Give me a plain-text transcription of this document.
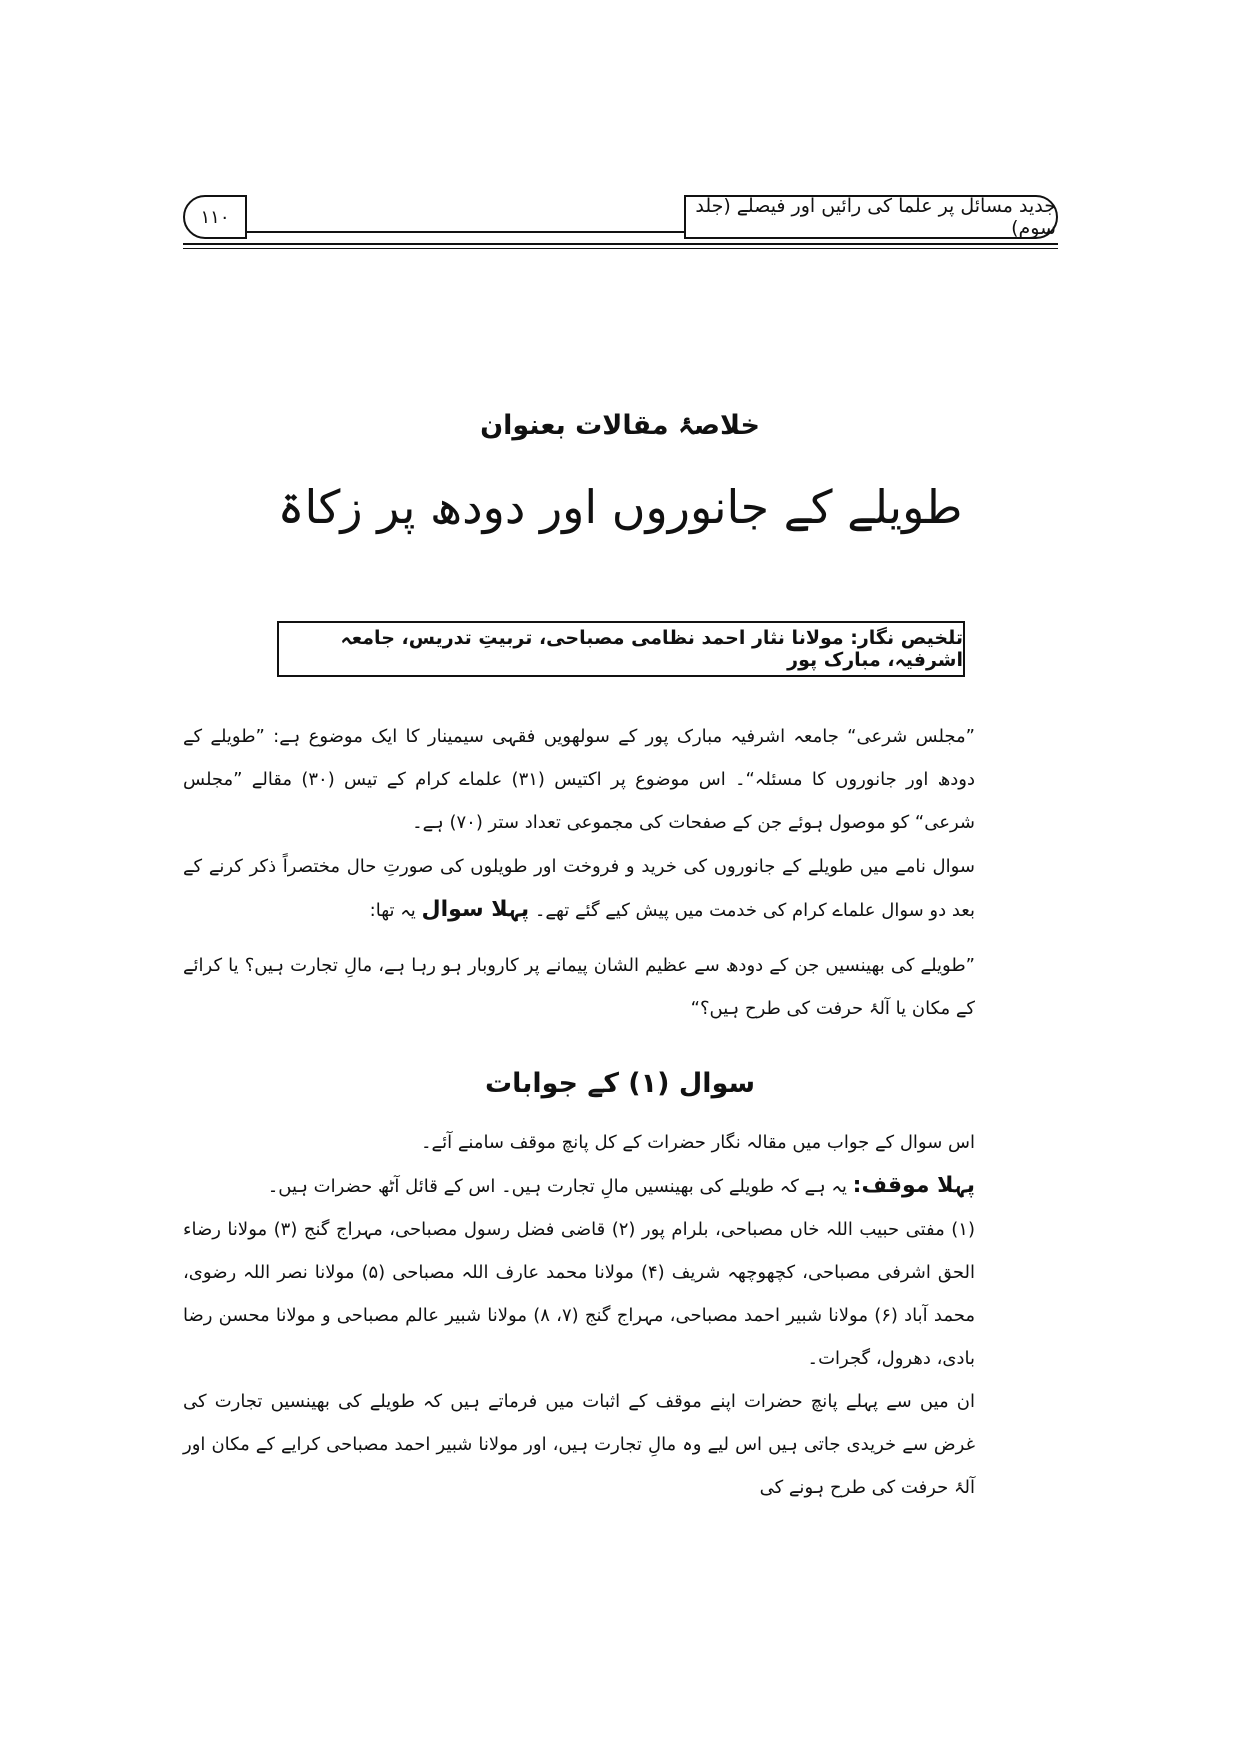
جدید مسائل پر علما کی رائیں اور فیصلے (جلد سوم)
۱۱۰
خلاصۂ مقالات بعنوان
طویلے کے جانوروں اور دودھ پر زکاۃ
تلخیص نگار: مولانا نثار احمد نظامی مصباحی، تربیتِ تدریس، جامعہ اشرفیہ، مبارک پور
”مجلس شرعی“ جامعہ اشرفیہ مبارک پور کے سولھویں فقہی سیمینار کا ایک موضوع ہے: ”طویلے کے دودھ اور جانوروں کا مسئلہ“۔ اس موضوع پر اکتیس (۳۱) علماے کرام کے تیس (۳۰) مقالے ”مجلس شرعی“ کو موصول ہوئے جن کے صفحات کی مجموعی تعداد ستر (۷۰) ہے۔
سوال نامے میں طویلے کے جانوروں کی خرید و فروخت اور طویلوں کی صورتِ حال مختصراً ذکر کرنے کے بعد دو سوال علماے کرام کی خدمت میں پیش کیے گئے تھے۔ پہلا سوال یہ تھا:
”طویلے کی بھینسیں جن کے دودھ سے عظیم الشان پیمانے پر کاروبار ہو رہا ہے، مالِ تجارت ہیں؟ یا کرائے کے مکان یا آلۂ حرفت کی طرح ہیں؟“
سوال (۱) کے جوابات
اس سوال کے جواب میں مقالہ نگار حضرات کے کل پانچ موقف سامنے آئے۔
پہلا موقف: یہ ہے کہ طویلے کی بھینسیں مالِ تجارت ہیں۔ اس کے قائل آٹھ حضرات ہیں۔
(۱) مفتی حبیب اللہ خاں مصباحی، بلرام پور (۲) قاضی فضل رسول مصباحی، مہراج گنج (۳) مولانا رضاء الحق اشرفی مصباحی، کچھوچھہ شریف (۴) مولانا محمد عارف اللہ مصباحی (۵) مولانا نصر اللہ رضوی، محمد آباد (۶) مولانا شبیر احمد مصباحی، مہراج گنج (۷، ۸) مولانا شبیر عالم مصباحی و مولانا محسن رضا بادی، دھرول، گجرات۔
ان میں سے پہلے پانچ حضرات اپنے موقف کے اثبات میں فرماتے ہیں کہ طویلے کی بھینسیں تجارت کی غرض سے خریدی جاتی ہیں اس لیے وہ مالِ تجارت ہیں، اور مولانا شبیر احمد مصباحی کرایے کے مکان اور آلۂ حرفت کی طرح ہونے کی
